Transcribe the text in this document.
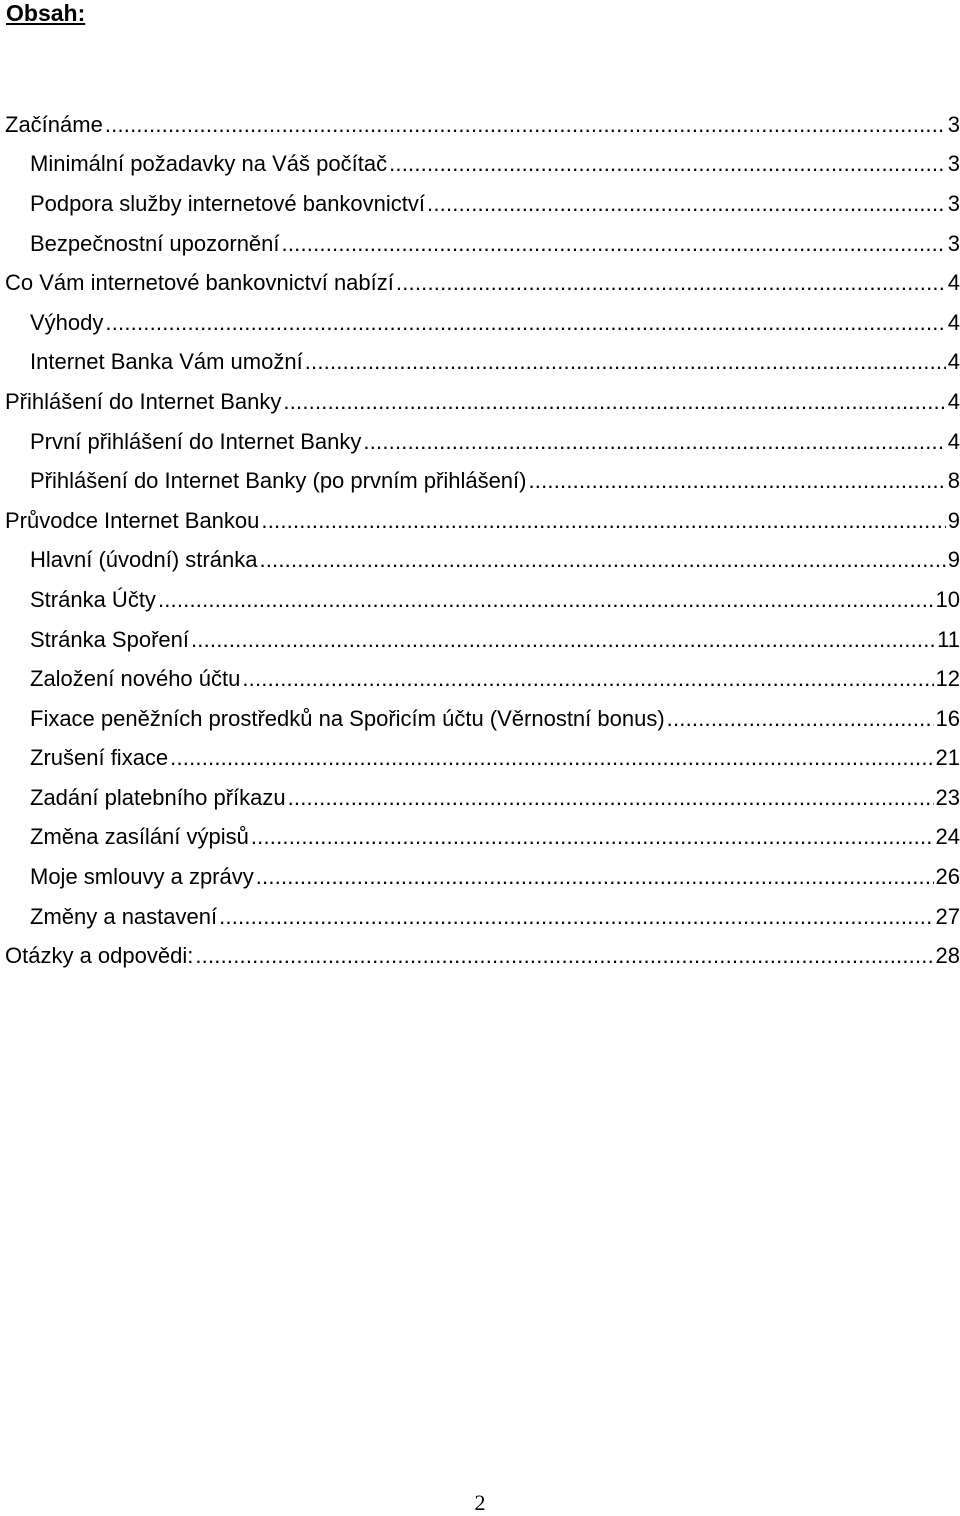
Obsah:
Začínáme .....	3
Minimální požadavky na Váš počítač .....	3
Podpora služby internetové bankovnictví .....	3
Bezpečnostní upozornění .....	3
Co Vám internetové bankovnictví nabízí .....	4
Výhody .....	4
Internet Banka Vám umožní .....	4
Přihlášení do Internet Banky .....	4
První přihlášení do Internet Banky .....	4
Přihlášení do Internet Banky (po prvním přihlášení) .....	8
Průvodce Internet Bankou .....	9
Hlavní (úvodní) stránka .....	9
Stránka Účty .....	10
Stránka Spoření .....	11
Založení nového účtu .....	12
Fixace peněžních prostředků na Spořicím účtu (Věrnostní bonus) .....	16
Zrušení fixace .....	21
Zadání platebního příkazu .....	23
Změna zasílání výpisů .....	24
Moje smlouvy a zprávy .....	26
Změny a nastavení .....	27
Otázky a odpovědi: .....	28
2
